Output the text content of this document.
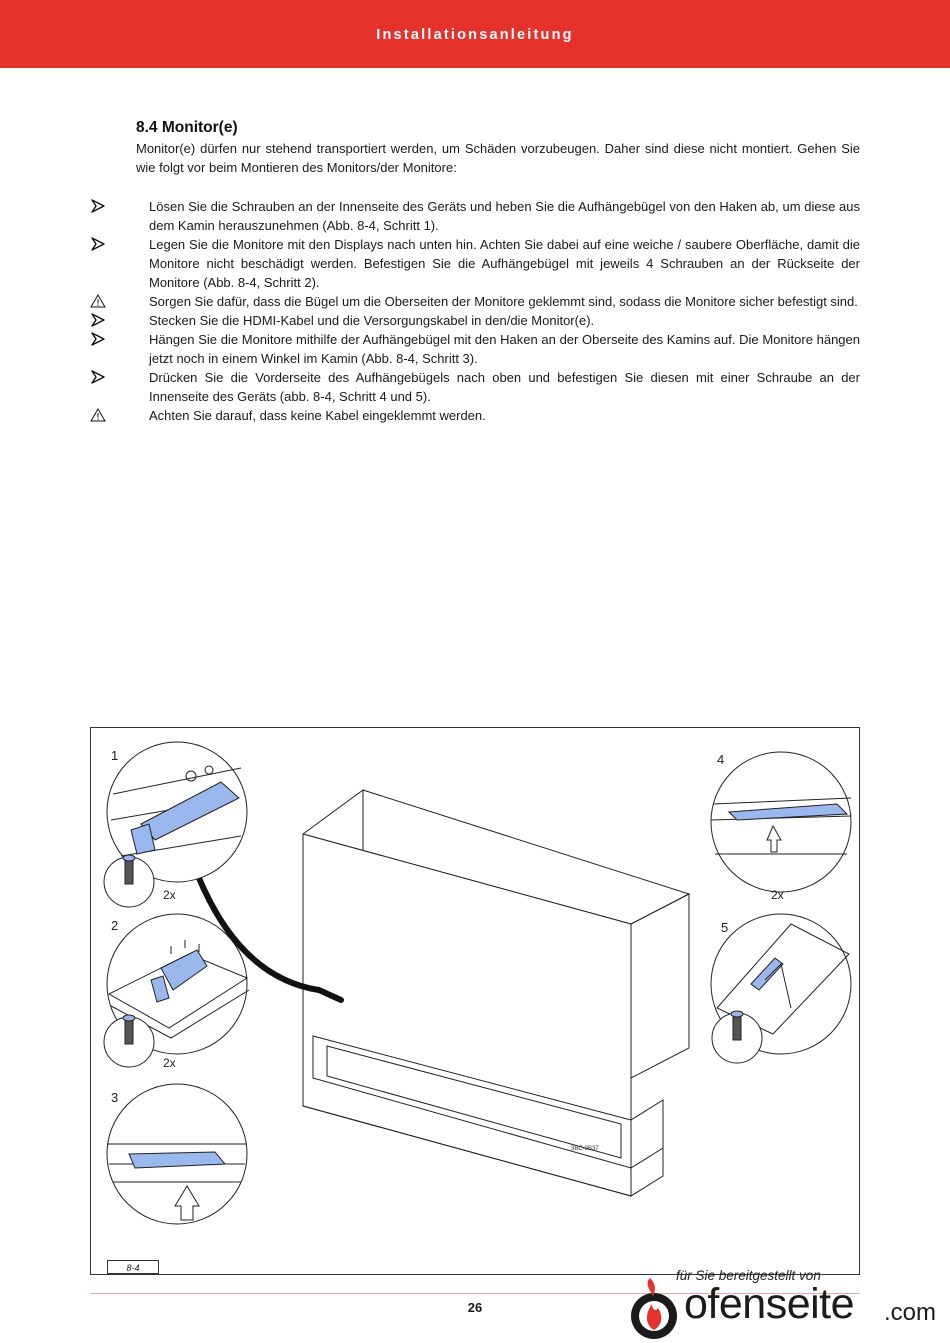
Installationsanleitung
8.4 Monitor(e)

Monitor(e) dürfen nur stehend transportiert werden, um Schäden vorzubeugen. Daher sind diese nicht montiert. Gehen Sie wie folgt vor beim Montieren des Monitors/der Monitore:

Lösen Sie die Schrauben an der Innenseite des Geräts und heben Sie die Aufhängebügel von den Haken ab, um diese aus dem Kamin herauszunehmen (Abb. 8-4, Schritt 1).
Legen Sie die Monitore mit den Displays nach unten hin. Achten Sie dabei auf eine weiche / saubere Oberfläche, damit die Monitore nicht beschädigt werden. Befestigen Sie die Aufhängebügel mit jeweils 4 Schrauben an der Rückseite der Monitore (Abb. 8-4, Schritt 2).
Sorgen Sie dafür, dass die Bügel um die Oberseiten der Monitore geklemmt sind, sodass die Monitore sicher befestigt sind.
Stecken Sie die HDMI-Kabel und die Versorgungskabel in den/die Monitor(e).
Hängen Sie die Monitore mithilfe der Aufhängebügel mit den Haken an der Oberseite des Kamins auf. Die Monitore hängen jetzt noch in einem Winkel im Kamin (Abb. 8-4, Schritt 3).
Drücken Sie die Vorderseite des Aufhängebügels nach oben und befestigen Sie diesen mit einer Schraube an der Innenseite des Geräts (abb. 8-4, Schritt 4 und 5).
Achten Sie darauf, dass keine Kabel eingeklemmt werden.
1
2
3
4
5
2x
2x
2x
3BC-2B37
8-4	für Sie bereitgestellt von
26	ofenseite .com
